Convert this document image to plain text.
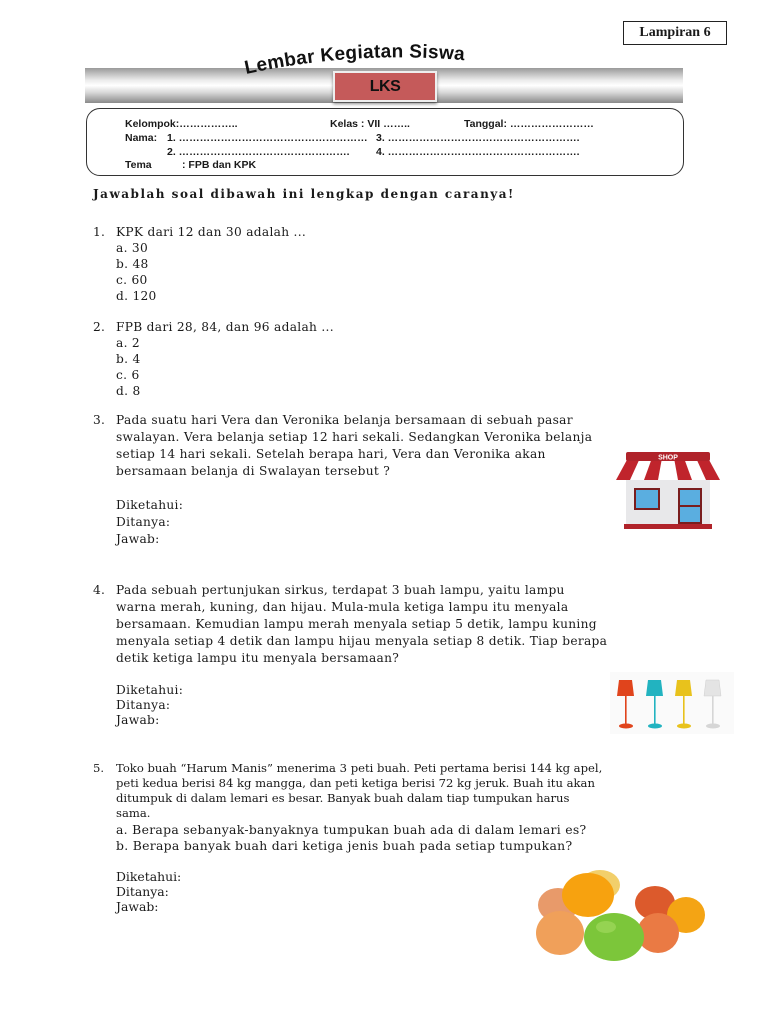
Lampiran 6
Lembar Kegiatan Siswa
LKS
Kelompok:……………..	Kelas : VII ……..	Tanggal: ……………………
Nama: 1. ……………………………………………… 3. ……………………………………………….
2. ………………………………………….	4. ……………………………………………….
Tema	: FPB dan KPK
Jawablah soal dibawah ini lengkap dengan caranya!
1. KPK dari 12 dan 30 adalah ...
a. 30
b. 48
c. 60
d. 120
2. FPB dari 28, 84, dan 96 adalah ...
a. 2
b. 4
c. 6
d. 8
3. Pada suatu hari Vera dan Veronika belanja bersamaan di sebuah pasar
swalayan. Vera belanja setiap 12 hari sekali. Sedangkan Veronika belanja
setiap 14 hari sekali. Setelah berapa hari, Vera dan Veronika akan
bersamaan belanja di Swalayan tersebut ?
Diketahui:
Ditanya:
Jawab:
4. Pada sebuah pertunjukan sirkus, terdapat 3 buah lampu, yaitu lampu
warna merah, kuning, dan hijau. Mula-mula ketiga lampu itu menyala
bersamaan. Kemudian lampu merah menyala setiap 5 detik, lampu kuning
menyala setiap 4 detik dan lampu hijau menyala setiap 8 detik. Tiap berapa
detik ketiga lampu itu menyala bersamaan?
Diketahui:
Ditanya:
Jawab:
5. Toko buah “Harum Manis” menerima 3 peti buah. Peti pertama berisi 144 kg apel,
peti kedua berisi 84 kg mangga, dan peti ketiga berisi 72 kg jeruk. Buah itu akan
ditumpuk di dalam lemari es besar. Banyak buah dalam tiap tumpukan harus
sama.
a. Berapa sebanyak-banyaknya tumpukan buah ada di dalam lemari es?
b. Berapa banyak buah dari ketiga jenis buah pada setiap tumpukan?
Diketahui:
Ditanya:
Jawab:
SHOP
